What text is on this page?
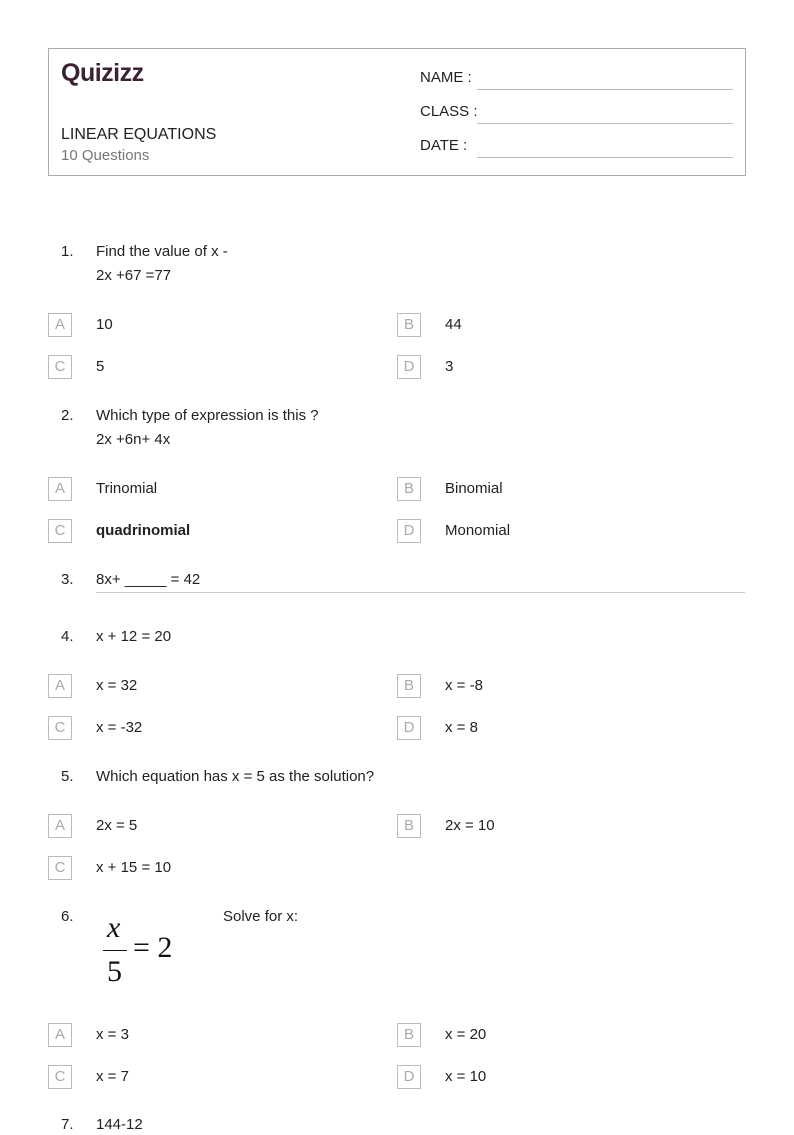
Quizizz
LINEAR EQUATIONS
10 Questions
NAME :
CLASS :
DATE :
1. Find the value of x -
2x +67 =77
A	10	B	44
C	5	D	3
2. Which type of expression is this ?
2x +6n+ 4x
A	Trinomial	B	Binomial
C	quadrinomial	D	Monomial
3. 8x+ _____ = 42
4. x + 12 = 20
A	x = 32	B	x = -8
C	x = -32	D	x = 8
5. Which equation has x = 5 as the solution?
A	2x = 5	B	2x = 10
C	x + 15 = 10
6. x
5
= 2
Solve for x:
A	x = 3	B	x = 20
C	x = 7	D	x = 10
7. 144-12
